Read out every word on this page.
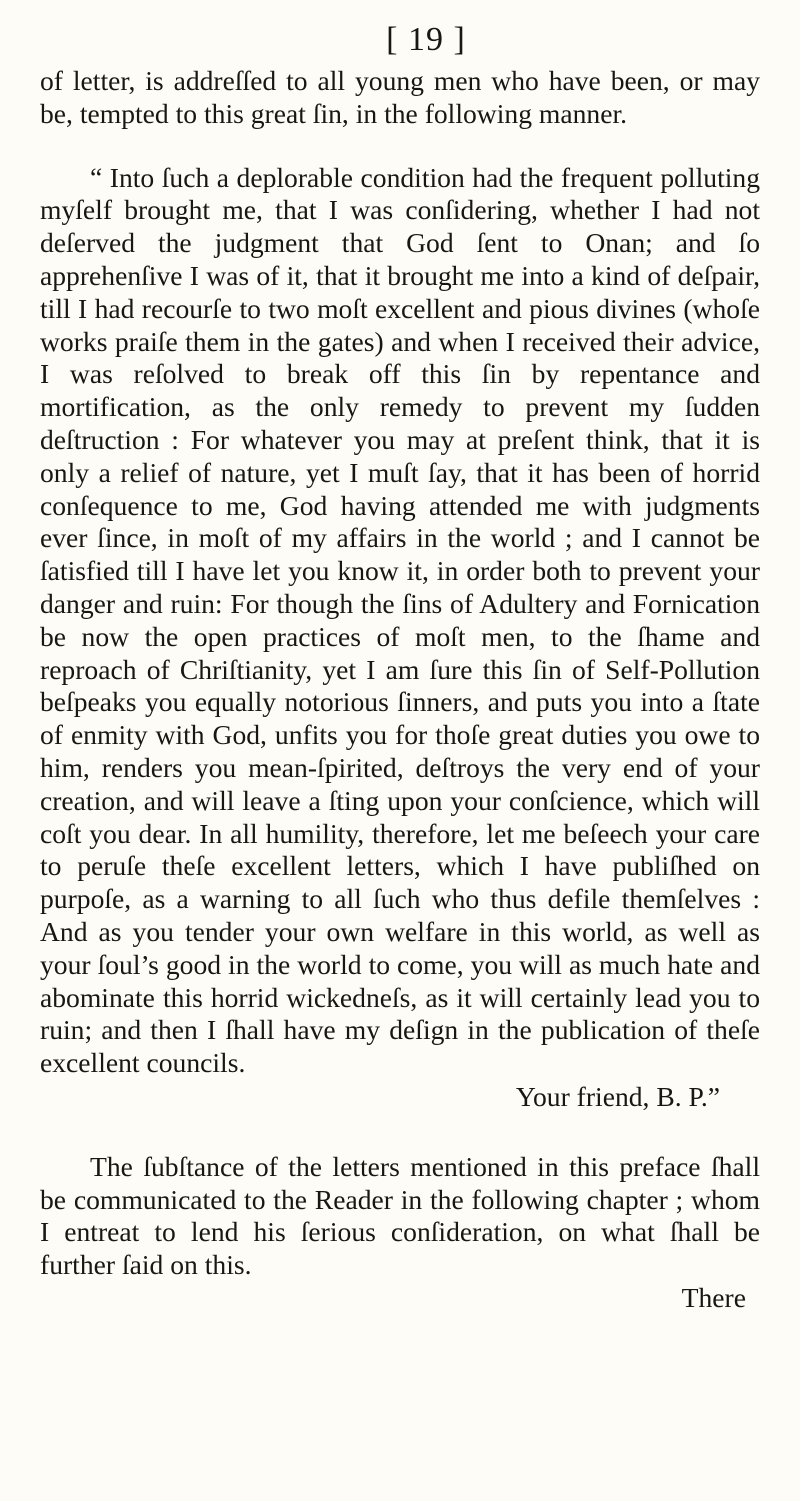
[ 19 ]

of letter, is addreſſed to all young men who have been, or may be, tempted to this great ſin, in the following manner.

“ Into ſuch a deplorable condition had the frequent polluting myſelf brought me, that I was conſidering, whether I had not deſerved the judgment that God ſent to Onan; and ſo apprehenſive I was of it, that it brought me into a kind of deſpair, till I had recourſe to two moſt excellent and pious divines (whoſe works praiſe them in the gates) and when I received their advice, I was reſolved to break off this ſin by repentance and mortification, as the only remedy to prevent my ſudden deſtruction : For whatever you may at preſent think, that it is only a relief of nature, yet I muſt ſay, that it has been of horrid conſequence to me, God having attended me with judgments ever ſince, in moſt of my affairs in the world ; and I cannot be ſatisfied till I have let you know it, in order both to prevent your danger and ruin: For though the ſins of Adultery and Fornication be now the open practices of moſt men, to the ſhame and reproach of Chriſtianity, yet I am ſure this ſin of Self-Pollution beſpeaks you equally notorious ſinners, and puts you into a ſtate of enmity with God, unfits you for thoſe great duties you owe to him, renders you mean-ſpirited, deſtroys the very end of your creation, and will leave a ſting upon your conſcience, which will coſt you dear. In all humility, therefore, let me beſeech your care to peruſe theſe excellent letters, which I have publiſhed on purpoſe, as a warning to all ſuch who thus defile themſelves : And as you tender your own welfare in this world, as well as your ſoul’s good in the world to come, you will as much hate and abominate this horrid wickedneſs, as it will certainly lead you to ruin; and then I ſhall have my deſign in the publication of theſe excellent councils.

Your friend, B. P.”

The ſubſtance of the letters mentioned in this preface ſhall be communicated to the Reader in the following chapter ; whom I entreat to lend his ſerious conſideration, on what ſhall be further ſaid on this.

There
